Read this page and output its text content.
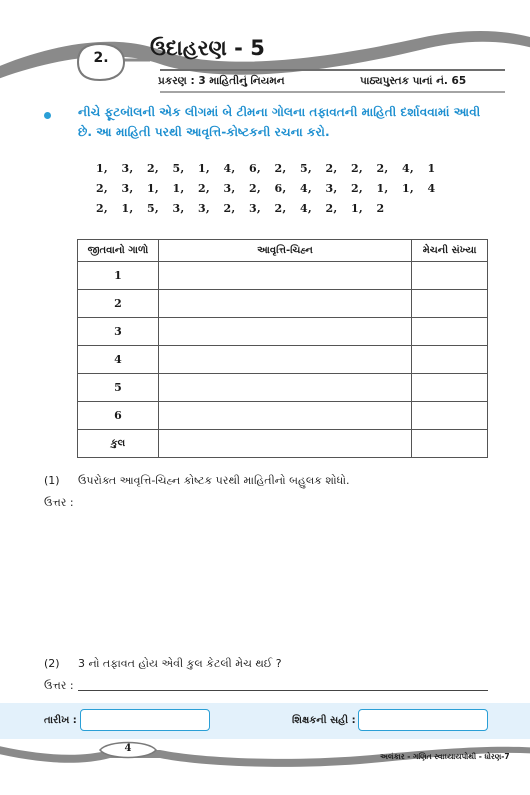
2.	ઉદાહરણ - 5
પ્રકરણ : 3 માહિતીનું નિયમન	પાઠ્યપુસ્તક પાનાં નં. 65
નીચે ફૂટબૉલની એક લીગમાં બે ટીમના ગોલના તફાવતની માહિતી દર્શાવવામાં આવી છે. આ માહિતી પરથી આવૃત્તિ-કોષ્ટકની રચના કરો.
1, 3, 2, 5, 1, 4, 6, 2, 5, 2, 2, 2, 4, 1
2, 3, 1, 1, 2, 3, 2, 6, 4, 3, 2, 1, 1, 4
2, 1, 5, 3, 3, 2, 3, 2, 4, 2, 1, 2
જીતવાનો ગાળો	આવૃત્તિ-ચિહ્ન	મેચની સંખ્યા
1		
2		
3		
4		
5		
6		
કુલ		
(1) ઉપરોક્ત આવૃત્તિ-ચિહ્ન કોષ્ટક પરથી માહિતીનો બહુલક શોધો.
ઉત્તર :
(2) 3 નો તફાવત હોય એવી કુલ કેટલી મેચ થઈ ?
ઉત્તર :
તારીખ :	શિક્ષકની સહી :
4
અલંકાર - ગણિત સ્વાધ્યાયપોથી - ધોરણ-7
